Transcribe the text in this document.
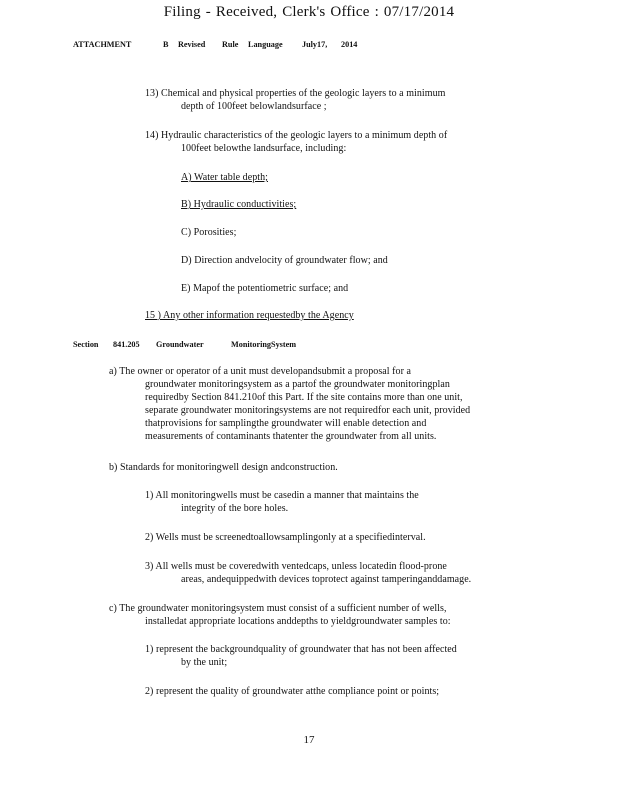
Filing - Received, Clerk's Office : 07/17/2014
ATTACHMENT	B Revised Rule Language July17, 2014
13) Chemical and physical properties of the geologic layers to a minimum
depth of 100feet belowlandsurface ;
14) Hydraulic characteristics of the geologic layers to a minimum depth of
100feet belowthe landsurface, including:
A) Water table depth;
B) Hydraulic conductivities;
C) Porosities;
D) Direction andvelocity of groundwater flow; and
E) Mapof the potentiometric surface; and
15 ) Any other information requestedby the Agency
Section 841.205 Groundwater	MonitoringSystem
a) The owner or operator of a unit must developandsubmit a proposal for a
groundwater monitoringsystem as a partof the groundwater monitoringplan
requiredby Section 841.210of this Part. If the site contains more than one unit,
separate groundwater monitoringsystems are not requiredfor each unit, provided
thatprovisions for samplingthe groundwater will enable detection and
measurements of contaminants thatenter the groundwater from all units.
b) Standards for monitoringwell design andconstruction.
1) All monitoringwells must be casedin a manner that maintains the
integrity of the bore holes.
2) Wells must be screenedtoallowsamplingonly at a specifiedinterval.
3) All wells must be coveredwith ventedcaps, unless locatedin flood-prone
areas, andequippedwith devices toprotect against tamperinganddamage.
c) The groundwater monitoringsystem must consist of a sufficient number of wells,
installedat appropriate locations anddepths to yieldgroundwater samples to:
1) represent the backgroundquality of groundwater that has not been affected
by the unit;
2) represent the quality of groundwater atthe compliance point or points;
17
